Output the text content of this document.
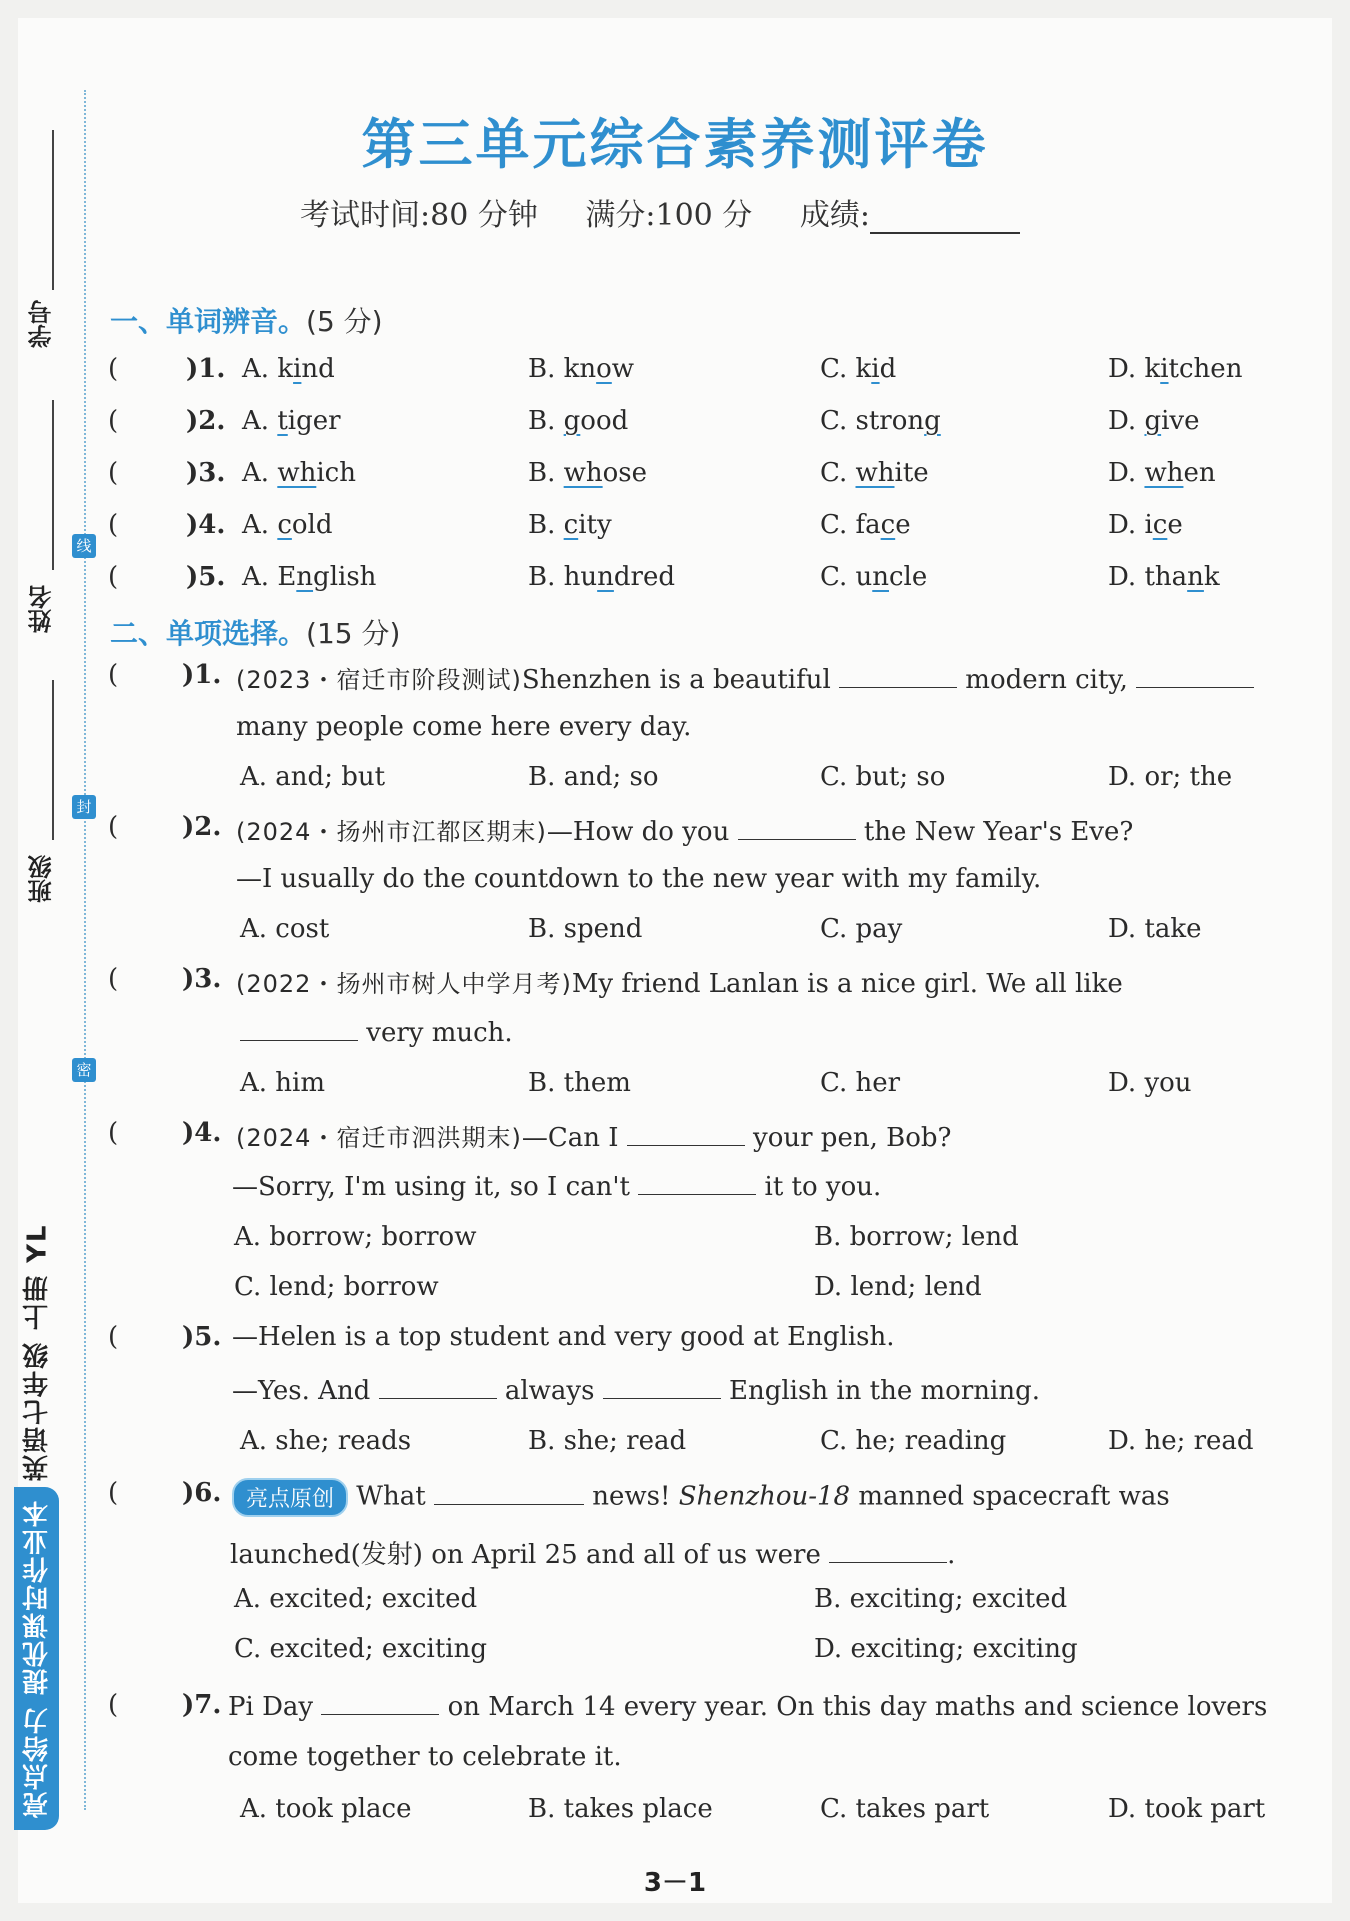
线
封
密
学号
姓名
班级
亮点给力 提优课时作业本
英语七年级 上册 YL
第三单元综合素养测评卷
考试时间:80 分钟 满分:100 分 成绩:
一、单词辨音。(5 分)
(	)1. A. kind	B. know	C. kid	D. kitchen
(	)2. A. tiger	B. good	C. strong	D. give
(	)3. A. which	B. whose	C. white	D. when
(	)4. A. cold	B. city	C. face	D. ice
(	)5. A. English	B. hundred	C. uncle	D. thank
二、单项选择。(15 分)
( )1. (2023・宿迁市阶段测试)Shenzhen is a beautiful	modern city,
many people come here every day.
A. and; but	B. and; so	C. but; so	D. or; the
( )2. (2024・扬州市江都区期末)—How do you	the New Year's Eve?
—I usually do the countdown to the new year with my family.
A. cost	B. spend	C. pay	D. take
( )3. (2022・扬州市树人中学月考)My friend Lanlan is a nice girl. We all like
very much.
A. him	B. them	C. her	D. you
( )4. (2024・宿迁市泗洪期末)—Can I	your pen, Bob?
—Sorry, I'm using it, so I can't	it to you.
A. borrow; borrow	B. borrow; lend
C. lend; borrow	D. lend; lend
( )5. —Helen is a top student and very good at English.
—Yes. And	always	English in the morning.
A. she; reads	B. she; read	C. he; reading	D. he; read
( )6.	亮点原创 What	news! Shenzhou-18 manned spacecraft was
launched(发射) on April 25 and all of us were	.
A. excited; excited	B. exciting; excited
C. excited; exciting	D. exciting; exciting
( )7. Pi Day	on March 14 every year. On this day maths and science lovers
come together to celebrate it.
A. took place	B. takes place	C. takes part	D. took part
3－1
